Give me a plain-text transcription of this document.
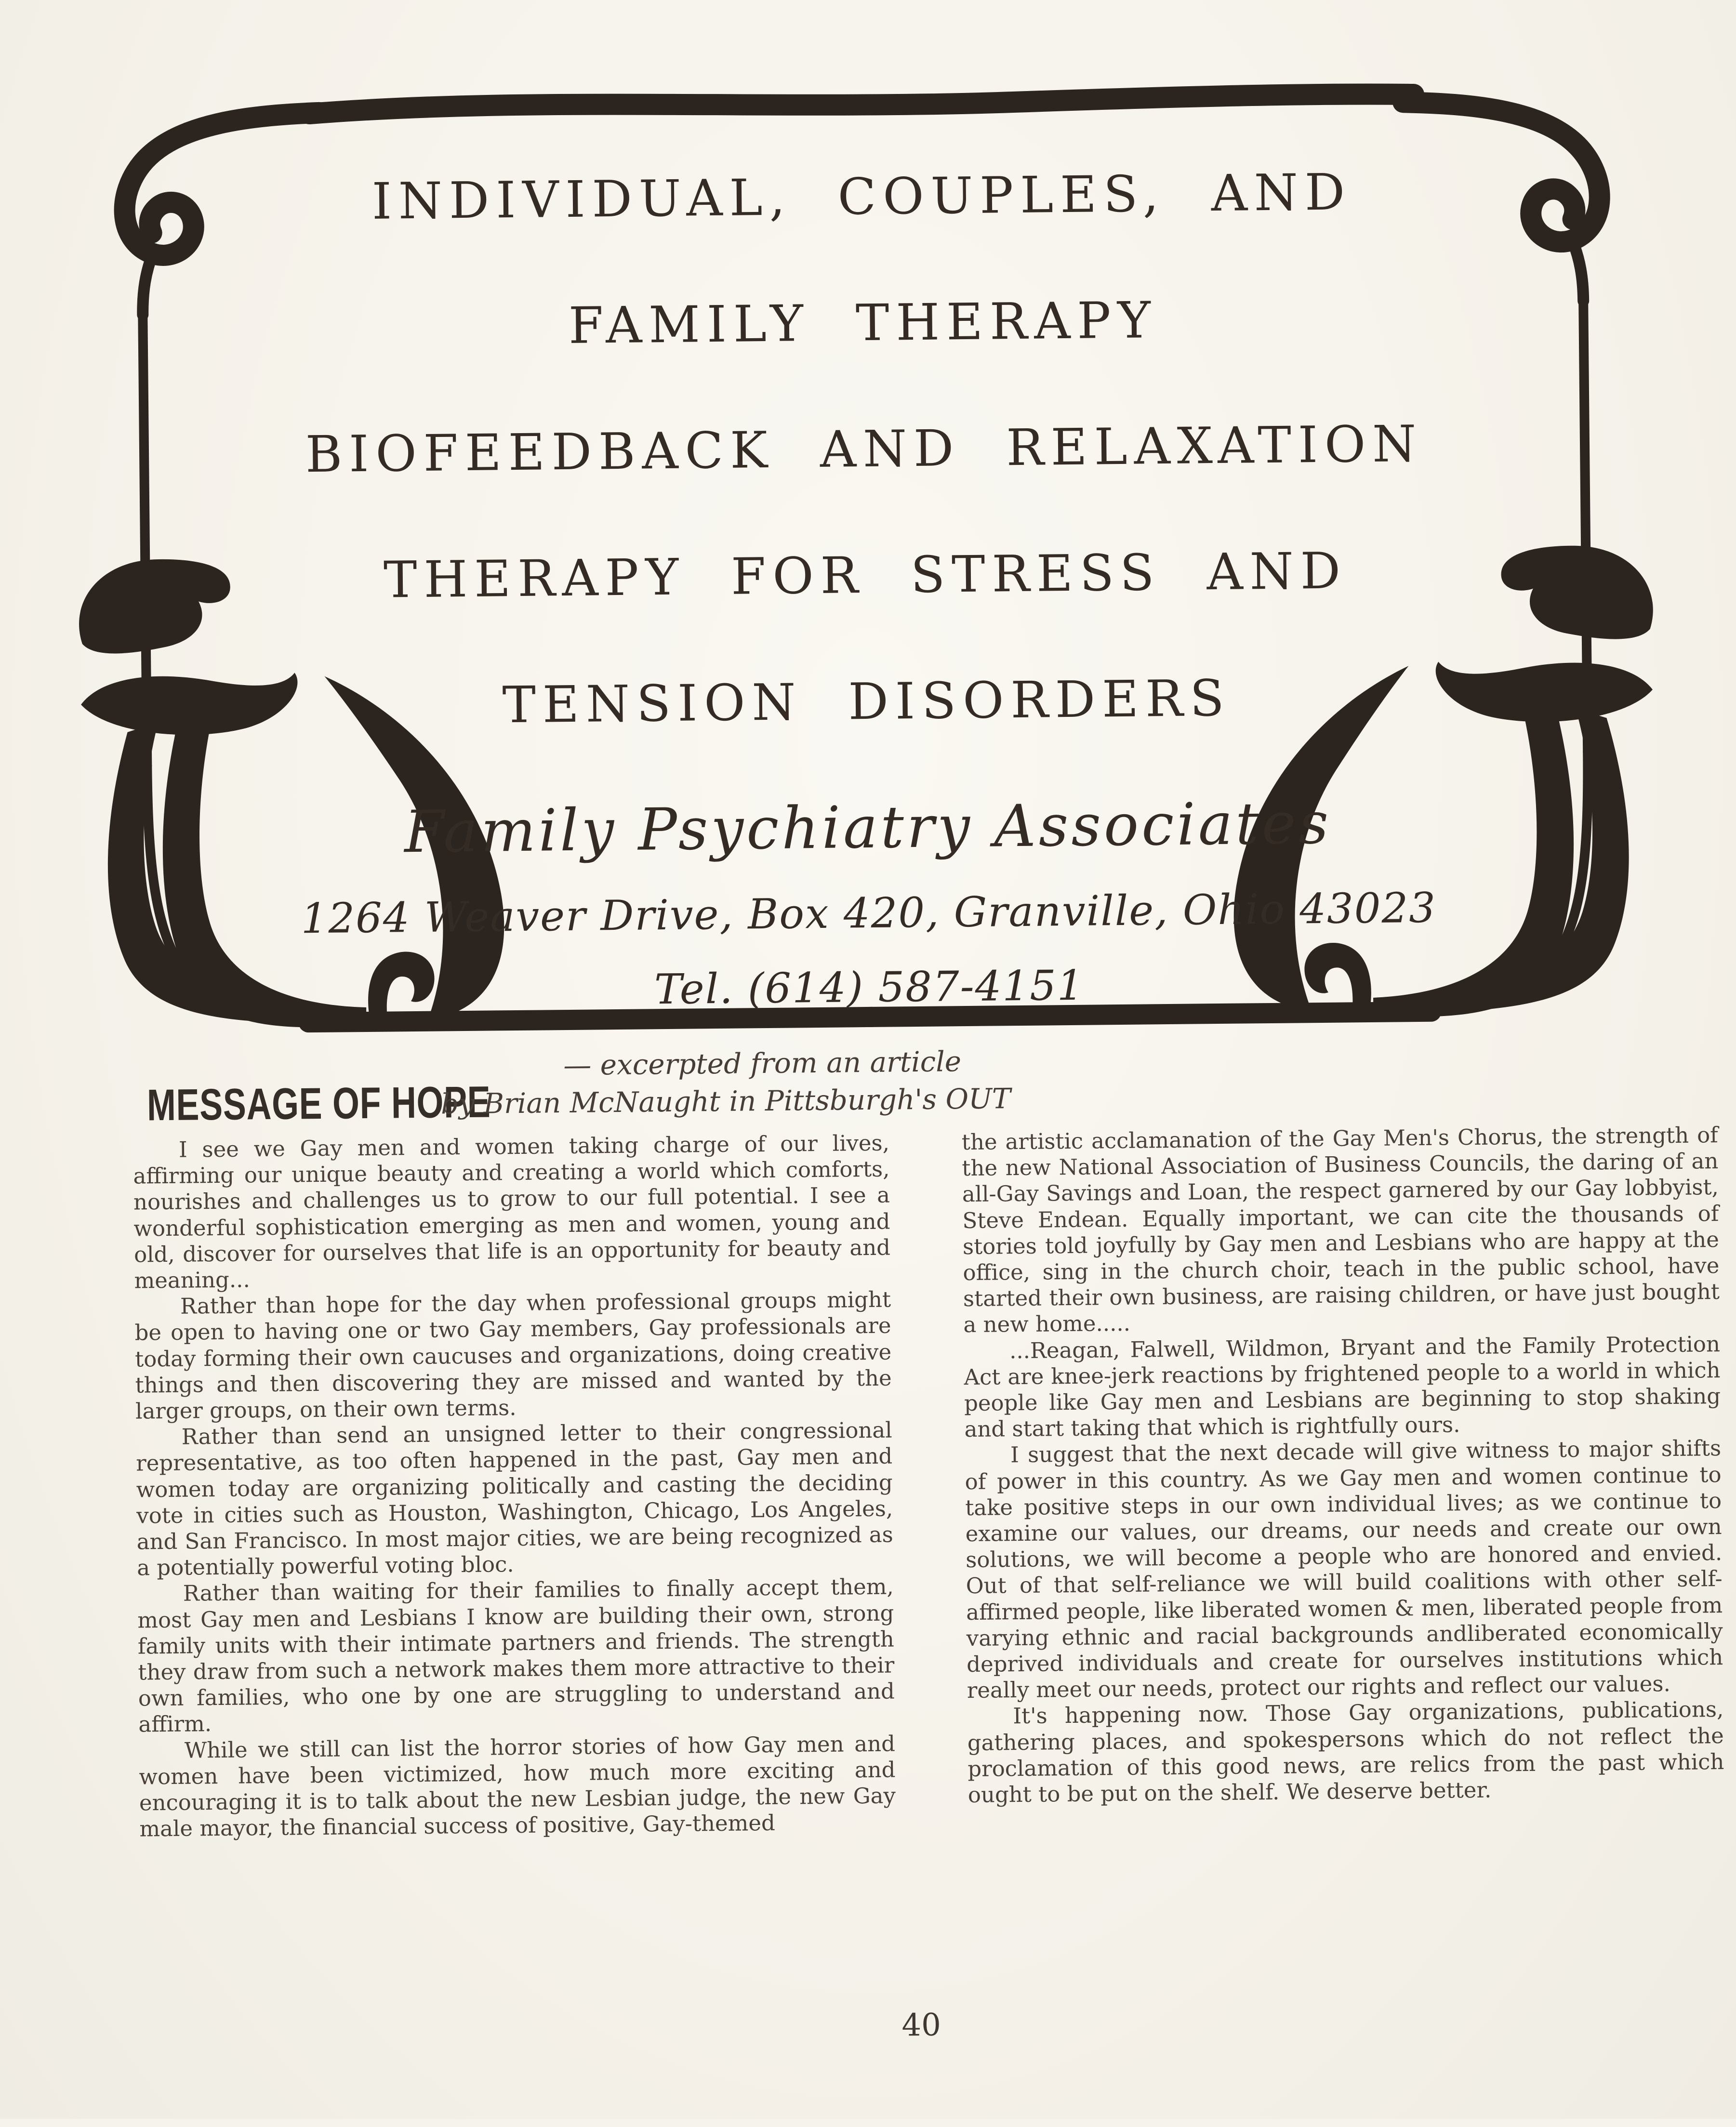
INDIVIDUAL, COUPLES, AND
FAMILY THERAPY
BIOFEEDBACK AND RELAXATION
THERAPY FOR STRESS AND
TENSION DISORDERS
Family Psychiatry Associates
1264 Weaver Drive, Box 420, Granville, Ohio 43023
Tel. (614) 587-4151
MESSAGE OF HOPE
— excerpted from an article
by Brian McNaught in Pittsburgh's OUT

I see we Gay men and women taking charge of our lives, affirming our unique beauty and creating a world which comforts, nourishes and challenges us to grow to our full potential. I see a wonderful sophistication emerging as men and women, young and old, discover for ourselves that life is an opportunity for beauty and meaning...

Rather than hope for the day when professional groups might be open to having one or two Gay members, Gay professionals are today forming their own caucuses and organizations, doing creative things and then discovering they are missed and wanted by the larger groups, on their own terms.

Rather than send an unsigned letter to their congressional representative, as too often happened in the past, Gay men and women today are organizing politically and casting the deciding vote in cities such as Houston, Washington, Chicago, Los Angeles, and San Francisco. In most major cities, we are being recognized as a potentially powerful voting bloc.

Rather than waiting for their families to finally accept them, most Gay men and Lesbians I know are building their own, strong family units with their intimate partners and friends. The strength they draw from such a network makes them more attractive to their own families, who one by one are struggling to understand and affirm.

While we still can list the horror stories of how Gay men and women have been victimized, how much more exciting and encouraging it is to talk about the new Lesbian judge, the new Gay male mayor, the financial success of positive, Gay-themed

the artistic acclamanation of the Gay Men's Chorus, the strength of the new National Association of Business Councils, the daring of an all-Gay Savings and Loan, the respect garnered by our Gay lobbyist, Steve Endean. Equally important, we can cite the thousands of stories told joyfully by Gay men and Lesbians who are happy at the office, sing in the church choir, teach in the public school, have started their own business, are raising children, or have just bought a new home.....

...Reagan, Falwell, Wildmon, Bryant and the Family Protection Act are knee-jerk reactions by frightened people to a world in which people like Gay men and Lesbians are beginning to stop shaking and start taking that which is rightfully ours.

I suggest that the next decade will give witness to major shifts of power in this country. As we Gay men and women continue to take positive steps in our own individual lives; as we continue to examine our values, our dreams, our needs and create our own solutions, we will become a people who are honored and envied. Out of that self-reliance we will build coalitions with other self-affirmed people, like liberated women & men, liberated people from varying ethnic and racial backgrounds andliberated economically deprived individuals and create for ourselves institutions which really meet our needs, protect our rights and reflect our values.

It's happening now. Those Gay organizations, publications, gathering places, and spokespersons which do not reflect the proclamation of this good news, are relics from the past which ought to be put on the shelf. We deserve better.

40
